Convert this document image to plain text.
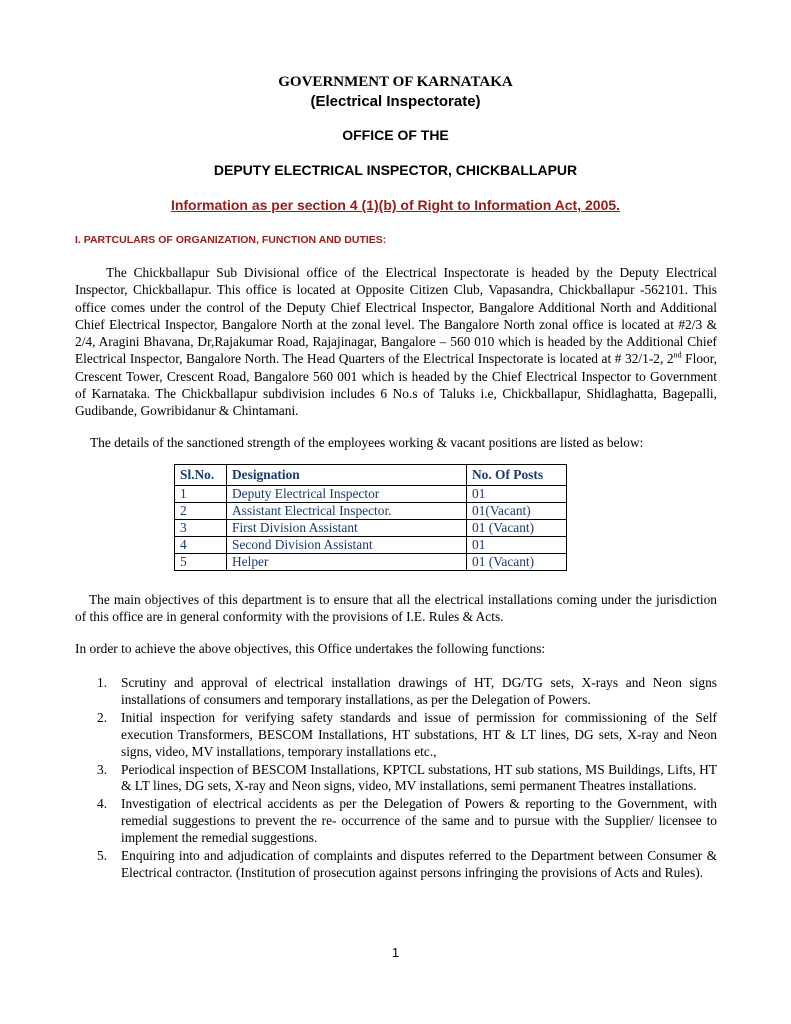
GOVERNMENT OF KARNATAKA
(Electrical Inspectorate)
OFFICE OF THE
DEPUTY ELECTRICAL INSPECTOR, CHICKBALLAPUR
Information as per section 4 (1)(b) of Right to Information Act, 2005.
I. PARTCULARS OF ORGANIZATION, FUNCTION AND DUTIES:
The Chickballapur Sub Divisional office of the Electrical Inspectorate is headed by the Deputy Electrical Inspector, Chickballapur. This office is located at Opposite Citizen Club, Vapasandra, Chickballapur -562101. This office comes under the control of the Deputy Chief Electrical Inspector, Bangalore Additional North and Additional Chief Electrical Inspector, Bangalore North at the zonal level. The Bangalore North zonal office is located at #2/3 & 2/4, Aragini Bhavana, Dr,Rajakumar Road, Rajajinagar, Bangalore – 560 010 which is headed by the Additional Chief Electrical Inspector, Bangalore North. The Head Quarters of the Electrical Inspectorate is located at # 32/1-2, 2nd Floor, Crescent Tower, Crescent Road, Bangalore 560 001 which is headed by the Chief Electrical Inspector to Government of Karnataka. The Chickballapur subdivision includes 6 No.s of Taluks i.e, Chickballapur, Shidlaghatta, Bagepalli, Gudibande, Gowribidanur & Chintamani.
The details of the sanctioned strength of the employees working & vacant positions are listed as below:
Sl.No.	Designation	No. Of Posts
1	Deputy Electrical Inspector	01
2	Assistant Electrical Inspector.	01(Vacant)
3	First Division Assistant	01 (Vacant)
4	Second Division Assistant	01
5	Helper	01 (Vacant)
The main objectives of this department is to ensure that all the electrical installations coming under the jurisdiction of this office are in general conformity with the provisions of I.E. Rules & Acts.
In order to achieve the above objectives, this Office undertakes the following functions:
1. Scrutiny and approval of electrical installation drawings of HT, DG/TG sets, X-rays and Neon signs installations of consumers and temporary installations, as per the Delegation of Powers.
2. Initial inspection for verifying safety standards and issue of permission for commissioning of the Self execution Transformers, BESCOM Installations, HT substations, HT & LT lines, DG sets, X-ray and Neon signs, video, MV installations, temporary installations etc.,
3. Periodical inspection of BESCOM Installations, KPTCL substations, HT sub stations, MS Buildings, Lifts, HT & LT lines, DG sets, X-ray and Neon signs, video, MV installations, semi permanent Theatres installations.
4. Investigation of electrical accidents as per the Delegation of Powers & reporting to the Government, with remedial suggestions to prevent the re- occurrence of the same and to pursue with the Supplier/ licensee to implement the remedial suggestions.
5. Enquiring into and adjudication of complaints and disputes referred to the Department between Consumer & Electrical contractor. (Institution of prosecution against persons infringing the provisions of Acts and Rules).
1
